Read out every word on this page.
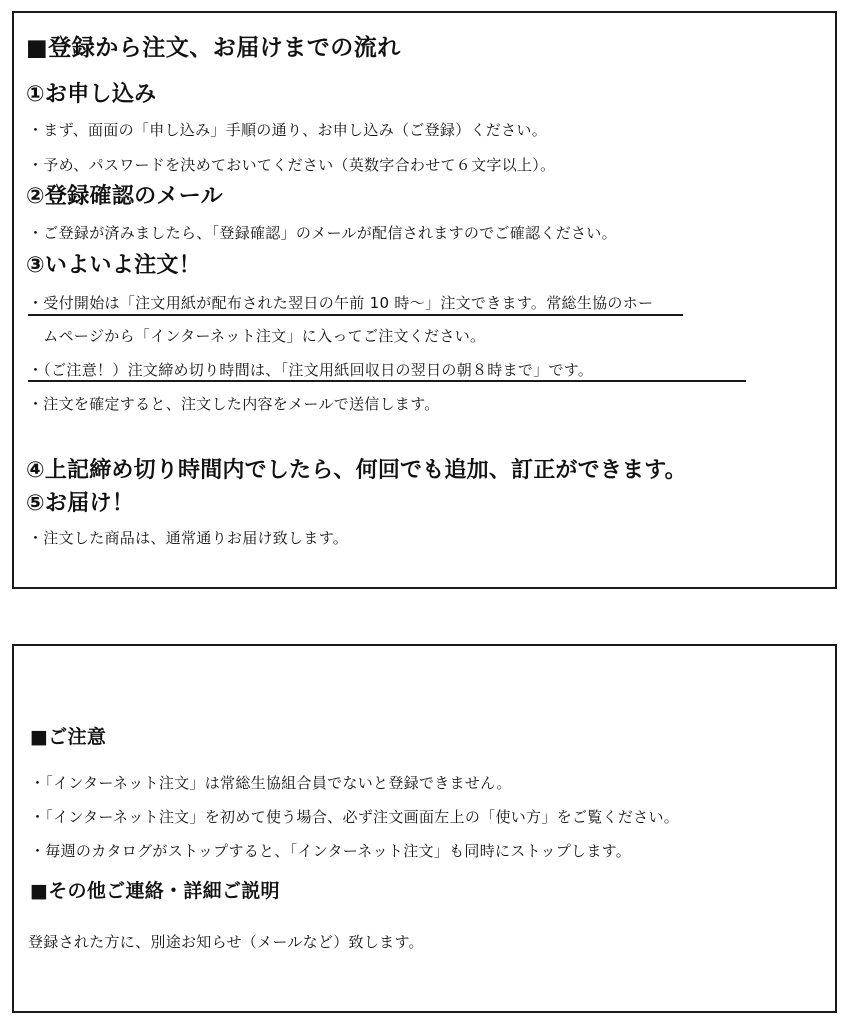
■登録から注文、お届けまでの流れ
①お申し込み
・まず、面面の「申し込み」手順の通り、お申し込み（ご登録）ください。
・予め、パスワードを決めておいてください（英数字合わせて６文字以上）。
②登録確認のメール
・ご登録が済みましたら、「登録確認」のメールが配信されますのでご確認ください。
③いよいよ注文！
・受付開始は「注文用紙が配布された翌日の午前 10 時～」注文できます。常総生協のホー
　ムページから「インターネット注文」に入ってご注文ください。
・（ご注意！）注文締め切り時間は、「注文用紙回収日の翌日の朝８時まで」です。
・注文を確定すると、注文した内容をメールで送信します。
④上記締め切り時間内でしたら、何回でも追加、訂正ができます。
⑤お届け！
・注文した商品は、通常通りお届け致します。
■ご注意
・「インターネット注文」は常総生協組合員でないと登録できません。
・「インターネット注文」を初めて使う場合、必ず注文画面左上の「使い方」をご覧ください。
・毎週のカタログがストップすると、「インターネット注文」も同時にストップします。
■その他ご連絡・詳細ご説明
登録された方に、別途お知らせ（メールなど）致します。
